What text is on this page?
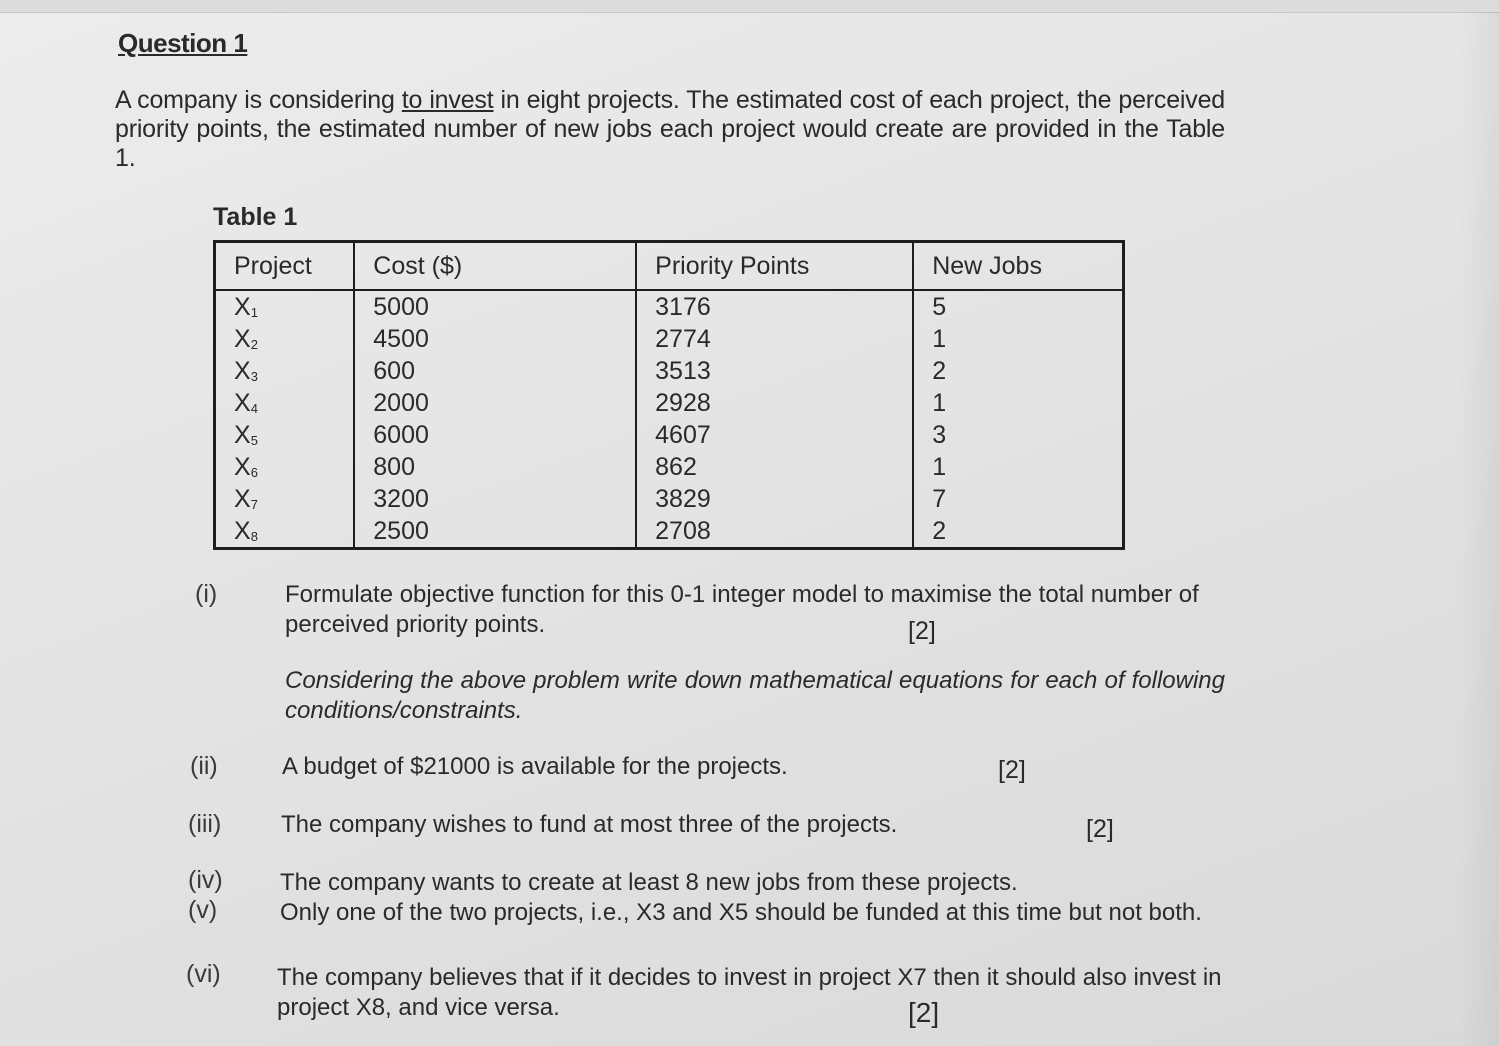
Question 1
A company is considering to invest in eight projects. The estimated cost of each project, the perceived priority points, the estimated number of new jobs each project would create are provided in the Table 1.
Table 1
Project	Cost ($)	Priority Points	New Jobs
$X_1$	5000	3176	5
$X_2$	4500	2774	1
$X_3$	600	3513	2
$X_4$	2000	2928	1
$X_5$	6000	4607	3
$X_6$	800	862	1
$X_7$	3200	3829	7
$X_8$	2500	2708	2
(i)	Formulate objective function for this 0-1 integer model to maximise the total number of perceived priority points.	[2]
Considering the above problem write down mathematical equations for each of following conditions/constraints.
(ii)	A budget of $21000 is available for the projects.	[2]
(iii) The company wishes to fund at most three of the projects.	[2]
(iv) The company wants to create at least 8 new jobs from these projects.
(v)	Only one of the two projects, i.e., X3 and X5 should be funded at this time but not both.
(vi) The company believes that if it decides to invest in project X7 then it should also invest in project X8, and vice versa.	[2]
